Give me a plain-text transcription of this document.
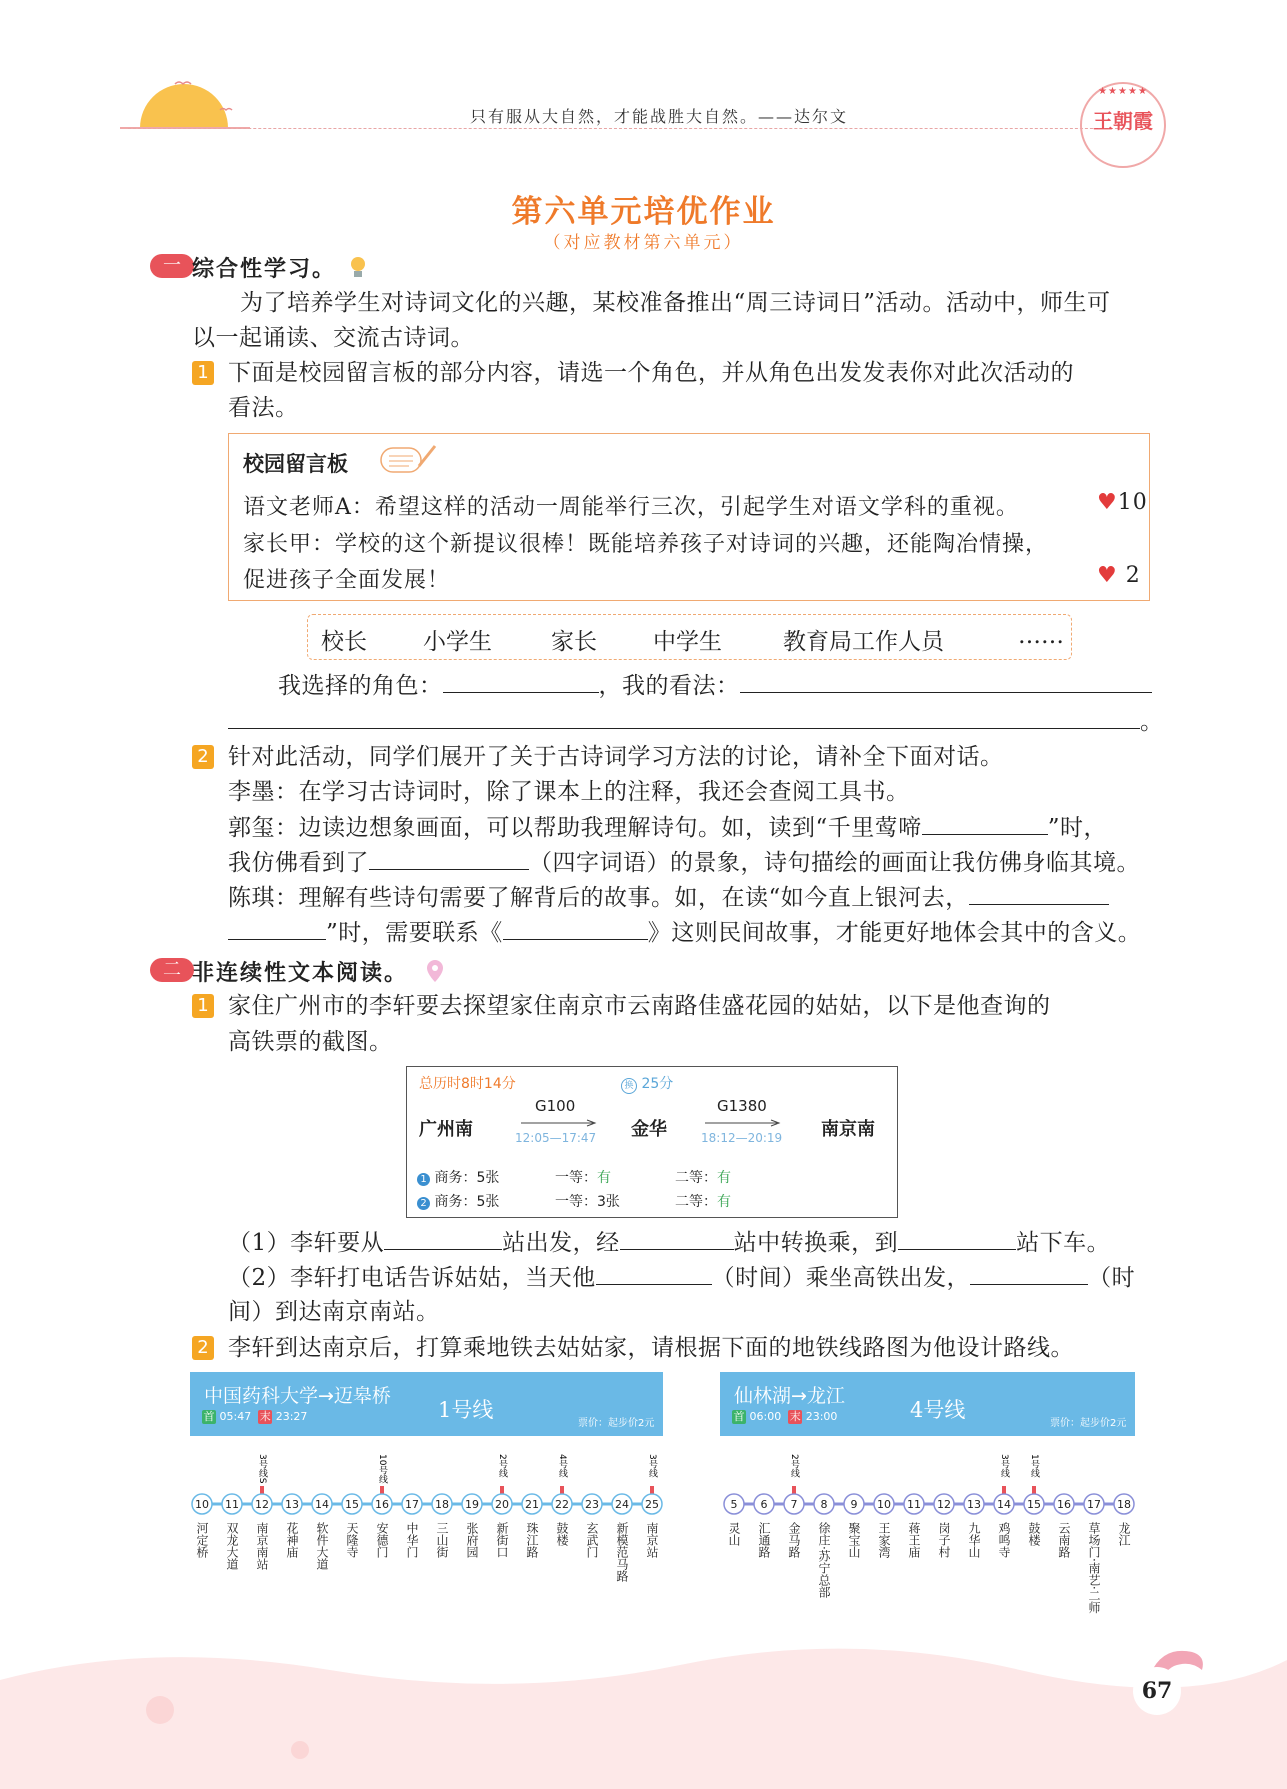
只有服从大自然，才能战胜大自然。——达尔文
★★★★★
王朝霞
第六单元培优作业
（对应教材第六单元）
一 综合性学习。
为了培养学生对诗词文化的兴趣，某校准备推出“周三诗词日”活动。活动中，师生可
以一起诵读、交流古诗词。
1 下面是校园留言板的部分内容，请选一个角色，并从角色出发发表你对此次活动的
看法。
校园留言板
语文老师A：希望这样的活动一周能举行三次，引起学生对语文学科的重视。	♥10
家长甲：学校的这个新提议很棒！既能培养孩子对诗词的兴趣，还能陶冶情操，
促进孩子全面发展！	♥ 2
校长 小学生	家长 中学生	教育局工作人员	……
我选择的角色：	，我的看法：
。
2 针对此活动，同学们展开了关于古诗词学习方法的讨论，请补全下面对话。
李墨：在学习古诗词时，除了课本上的注释，我还会查阅工具书。
郭玺：边读边想象画面，可以帮助我理解诗句。如，读到“千里莺啼	”时，
我仿佛看到了	（四字词语）的景象，诗句描绘的画面让我仿佛身临其境。
陈琪：理解有些诗句需要了解背后的故事。如，在读“如今直上银河去，
”时，需要联系《	》这则民间故事，才能更好地体会其中的含义。
二 非连续性文本阅读。
1 家住广州市的李轩要去探望家住南京市云南路佳盛花园的姑姑，以下是他查询的
高铁票的截图。
总历时8时14分	换 25分
广州南
G100
12:05—17:47 金华
G1380
18:12—20:19 南京南
1 商务：5张	一等：有	二等：有
2 商务：5张	一等：3张	二等：有
（1）李轩要从	站出发，经	站中转换乘，到	站下车。
（2）李轩打电话告诉姑姑，当天他	（时间）乘坐高铁出发，	（时
间）到达南京南站。
2 李轩到达南京后，打算乘地铁去姑姑家，请根据下面的地铁线路图为他设计路线。
中国药科大学→迈皋桥
首 05:47 末 23:27	1号线
票价：起步价2元
10
河定桥
11
双龙大道
3号线S
12
南京南站
13
花神庙
14
软件大道
15
天隆寺
10号线
16
安德门
17
中华门
18
三山街
19
张府园
2号线
20
新街口
21
珠江路
4号线
22
鼓楼
23
玄武门
24
新模范马路
3号线
25
南京站
仙林湖→龙江
首 06:00 末 23:00	4号线
票价：起步价2元
5
灵山
6
汇通路
2号线
7
金马路
8
徐庄·苏宁总部
9
聚宝山
10
王家湾
11
蒋王庙
12
岗子村
13
九华山
3号线
14
鸡鸣寺
1号线
15
鼓楼
16
云南路
17
草场门·南艺·二师
18
龙江
67
